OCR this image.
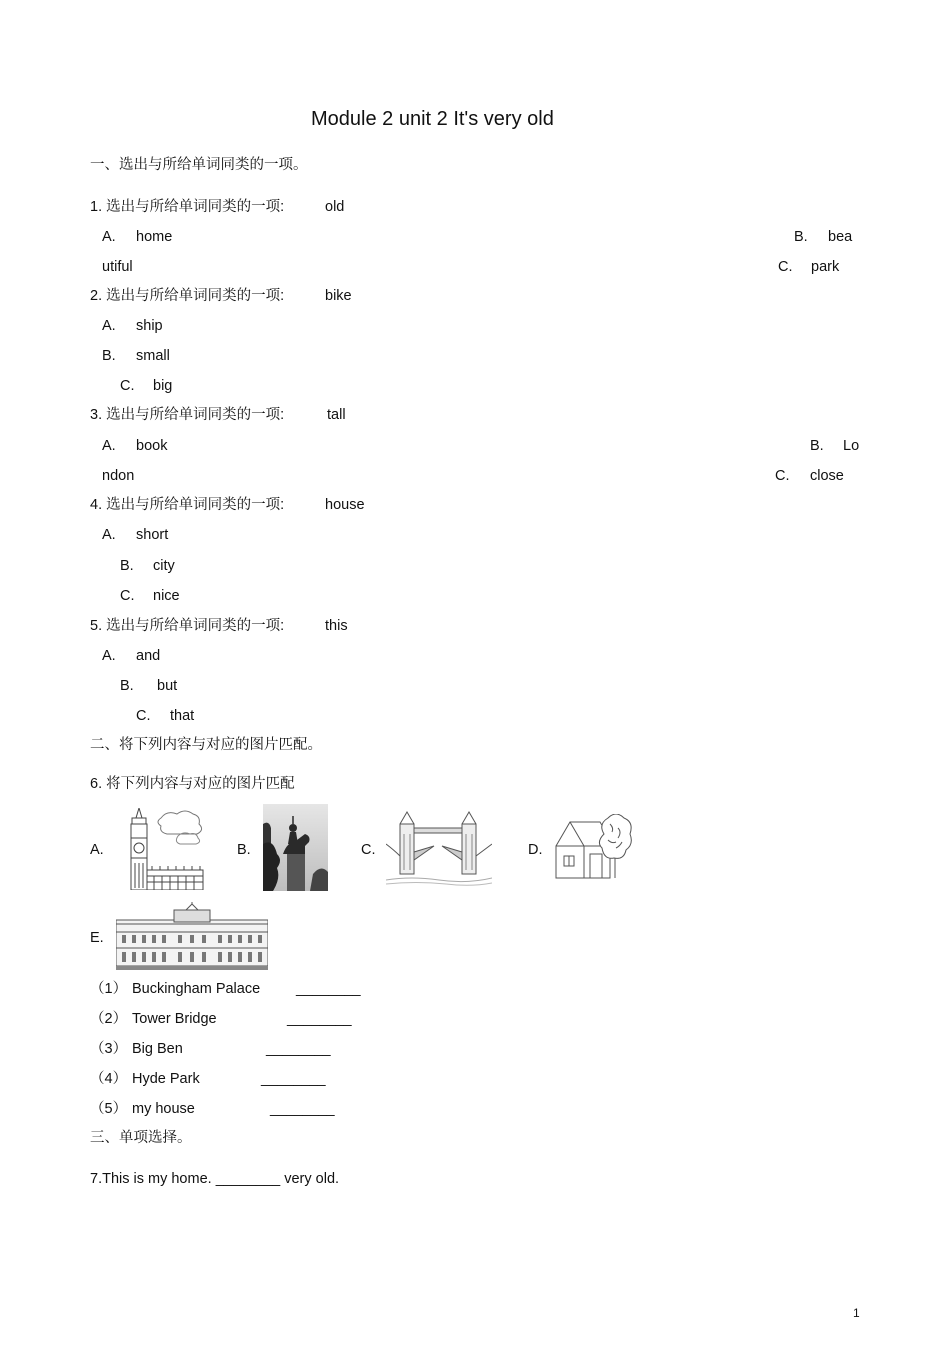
Module 2 unit 2 It's very old
一、选出与所给单词同类的一项。
1. 选出与所给单词同类的一项:	old
A. home	B. bea
utiful	C. park
2. 选出与所给单词同类的一项:	bike
A. ship
B. small
C. big
3. 选出与所给单词同类的一项:	tall
A. book	B. Lo
ndon	C. close
4. 选出与所给单词同类的一项:	house
A. short
B. city
C. nice
5. 选出与所给单词同类的一项:	this
A. and
B. but
C. that
二、将下列内容与对应的图片匹配。
6. 将下列内容与对应的图片匹配
A.	B.	C.	D.
E.
（1） Buckingham Palace ________
（2） Tower Bridge	________
（3） Big Ben	________
（4） Hyde Park	________
（5） my house	________
三、单项选择。
7.This is my home. ________ very old.
1
